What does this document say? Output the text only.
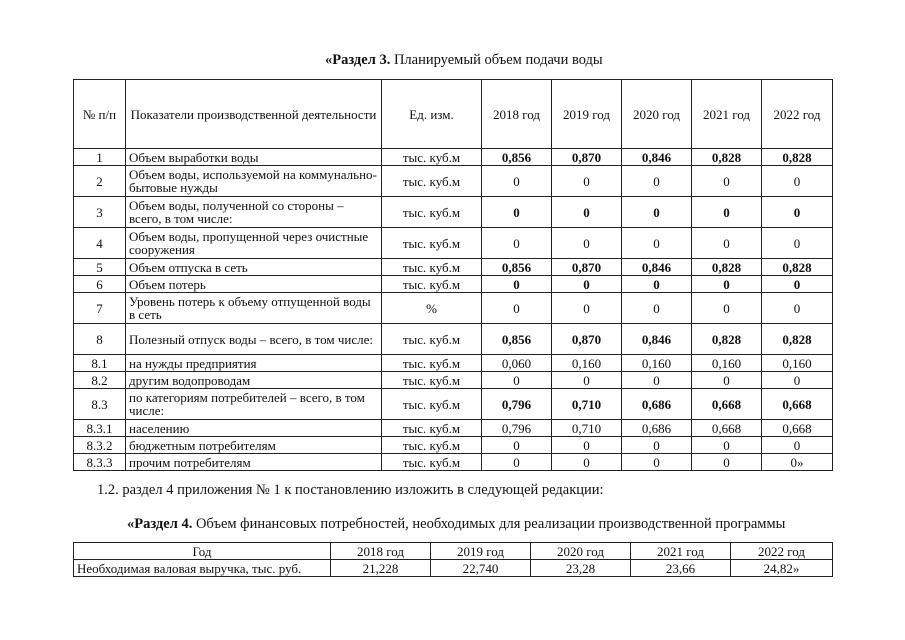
«Раздел 3. Планируемый объем подачи воды
№ п/п	Показатели производственной деятельности	Ед. изм.	2018 год	2019 год	2020 год	2021 год	2022 год
1	Объем выработки воды	тыс. куб.м	0,856	0,870	0,846	0,828	0,828
2	Объем воды, используемой на коммунально-бытовые нужды	тыс. куб.м	0	0	0	0	0
3	Объем воды, полученной со стороны – всего, в том числе:	тыс. куб.м	0	0	0	0	0
4	Объем воды, пропущенной через очистные сооружения	тыс. куб.м	0	0	0	0	0
5	Объем отпуска в сеть	тыс. куб.м	0,856	0,870	0,846	0,828	0,828
6	Объем потерь	тыс. куб.м	0	0	0	0	0
7	Уровень потерь к объему отпущенной воды в сеть	%	0	0	0	0	0
8	Полезный отпуск воды – всего, в том числе:	тыс. куб.м	0,856	0,870	0,846	0,828	0,828
8.1	на нужды предприятия	тыс. куб.м	0,060	0,160	0,160	0,160	0,160
8.2	другим водопроводам	тыс. куб.м	0	0	0	0	0
8.3	по категориям потребителей – всего, в том числе:	тыс. куб.м	0,796	0,710	0,686	0,668	0,668
8.3.1	населению	тыс. куб.м	0,796	0,710	0,686	0,668	0,668
8.3.2	бюджетным потребителям	тыс. куб.м	0	0	0	0	0
8.3.3	прочим потребителям	тыс. куб.м	0	0	0	0	0»
1.2. раздел 4 приложения № 1 к постановлению изложить в следующей редакции:
«Раздел 4. Объем финансовых потребностей, необходимых для реализации производственной программы
Год	2018 год	2019 год	2020 год	2021 год	2022 год
Необходимая валовая выручка, тыс. руб.	21,228	22,740	23,28	23,66	24,82»
